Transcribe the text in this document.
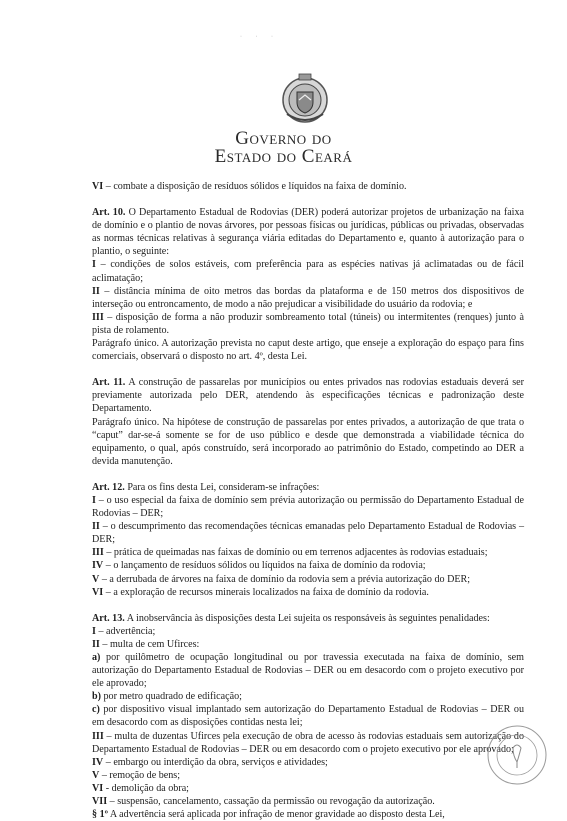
· · ·
Governo do
Estado do Ceará

VI – combate a disposição de resíduos sólidos e líquidos na faixa de domínio.

Art. 10. O Departamento Estadual de Rodovias (DER) poderá autorizar projetos de urbanização na faixa de domínio e o plantio de novas árvores, por pessoas físicas ou jurídicas, públicas ou privadas, observadas as normas técnicas relativas à segurança viária editadas do Departamento e, quanto à autorização para o plantio, o seguinte:

I – condições de solos estáveis, com preferência para as espécies nativas já aclimatadas ou de fácil aclimatação;

II – distância mínima de oito metros das bordas da plataforma e de 150 metros dos dispositivos de interseção ou entroncamento, de modo a não prejudicar a visibilidade do usuário da rodovia; e

III – disposição de forma a não produzir sombreamento total (túneis) ou intermitentes (renques) junto à pista de rolamento.

Parágrafo único. A autorização prevista no caput deste artigo, que enseje a exploração do espaço para fins comerciais, observará o disposto no art. 4º, desta Lei.

Art. 11. A construção de passarelas por municípios ou entes privados nas rodovias estaduais deverá ser previamente autorizada pelo DER, atendendo às especificações técnicas e padronização deste Departamento.

Parágrafo único. Na hipótese de construção de passarelas por entes privados, a autorização de que trata o “caput” dar-se-á somente se for de uso público e desde que demonstrada a viabilidade técnica do equipamento, o qual, após construído, será incorporado ao patrimônio do Estado, competindo ao DER a devida manutenção.

Art. 12. Para os fins desta Lei, consideram-se infrações:

I – o uso especial da faixa de domínio sem prévia autorização ou permissão do Departamento Estadual de Rodovias – DER;

II – o descumprimento das recomendações técnicas emanadas pelo Departamento Estadual de Rodovias – DER;

III – prática de queimadas nas faixas de domínio ou em terrenos adjacentes às rodovias estaduais;

IV – o lançamento de resíduos sólidos ou líquidos na faixa de domínio da rodovia;

V – a derrubada de árvores na faixa de domínio da rodovia sem a prévia autorização do DER;

VI – a exploração de recursos minerais localizados na faixa de domínio da rodovia.

Art. 13. A inobservância às disposições desta Lei sujeita os responsáveis às seguintes penalidades:

I – advertência;

II – multa de cem Ufirces:

a) por quilômetro de ocupação longitudinal ou por travessia executada na faixa de domínio, sem autorização do Departamento Estadual de Rodovias – DER ou em desacordo com o projeto executivo por ele aprovado;

b) por metro quadrado de edificação;

c) por dispositivo visual implantado sem autorização do Departamento Estadual de Rodovias – DER ou em desacordo com as disposições contidas nesta lei;

III – multa de duzentas Ufirces pela execução de obra de acesso às rodovias estaduais sem autorização do Departamento Estadual de Rodovias – DER ou em desacordo com o projeto executivo por ele aprovado;

IV – embargo ou interdição da obra, serviços e atividades;

V – remoção de bens;

VI - demolição da obra;

VII – suspensão, cancelamento, cassação da permissão ou revogação da autorização.

§ 1º A advertência será aplicada por infração de menor gravidade ao disposto desta Lei,
